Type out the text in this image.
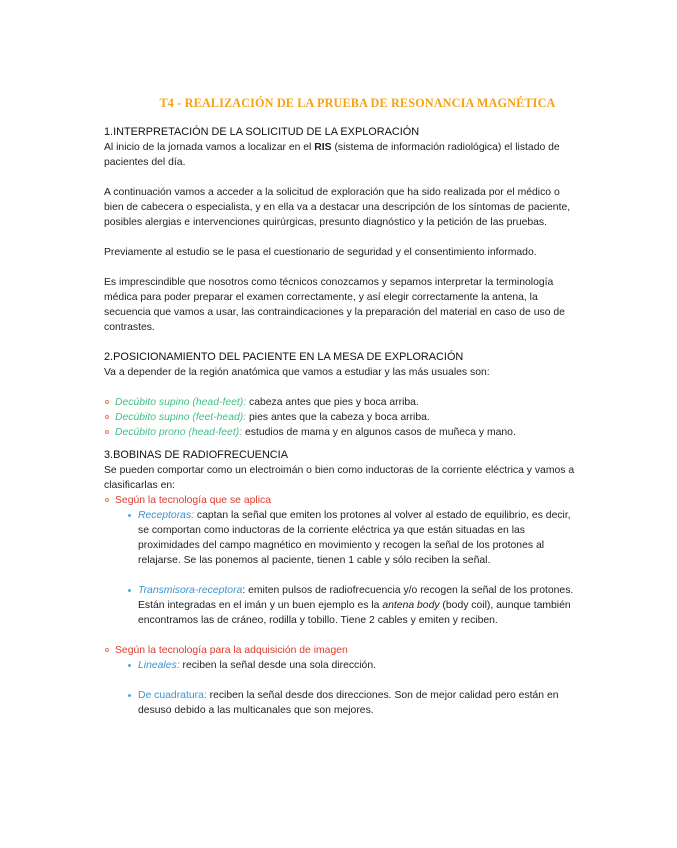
T4 - REALIZACIÓN DE LA PRUEBA DE RESONANCIA MAGNÉTICA
1.INTERPRETACIÓN DE LA SOLICITUD DE LA EXPLORACIÓN

Al inicio de la jornada vamos a localizar en el RIS (sistema de información radiológica) el listado de
pacientes del día.

A continuación vamos a acceder a la solicitud de exploración que ha sido realizada por el médico o
bien de cabecera o especialista, y en ella va a destacar una descripción de los síntomas de paciente,
posibles alergias e intervenciones quirúrgicas, presunto diagnóstico y la petición de las pruebas.

Previamente al estudio se le pasa el cuestionario de seguridad y el consentimiento informado.

Es imprescindible que nosotros como técnicos conozcamos y sepamos interpretar la terminología
médica para poder preparar el examen correctamente, y así elegir correctamente la antena, la
secuencia que vamos a usar, las contraindicaciones y la preparación del material en caso de uso de
contrastes.

2.POSICIONAMIENTO DEL PACIENTE EN LA MESA DE EXPLORACIÓN

Va a depender de la región anatómica que vamos a estudiar y las más usuales son:

Decúbito supino (head-feet): cabeza antes que pies y boca arriba.

Decúbito supino (feet-head): pies antes que la cabeza y boca arriba.

Decúbito prono (head-feet): estudios de mama y en algunos casos de muñeca y mano.

3.BOBINAS DE RADIOFRECUENCIA

Se pueden comportar como un electroimán o bien como inductoras de la corriente eléctrica y vamos a
clasificarlas en:

Según la tecnología que se aplica

Receptoras: captan la señal que emiten los protones al volver al estado de equilibrio, es decir,
se comportan como inductoras de la corriente eléctrica ya que están situadas en las
proximidades del campo magnético en movimiento y recogen la señal de los protones al
relajarse. Se las ponemos al paciente, tienen 1 cable y sólo reciben la señal.

Transmisora-receptora: emiten pulsos de radiofrecuencia y/o recogen la señal de los protones.
Están integradas en el imán y un buen ejemplo es la antena body (body coil), aunque también
encontramos las de cráneo, rodilla y tobillo. Tiene 2 cables y emiten y reciben.

Según la tecnología para la adquisición de imagen

Lineales: reciben la señal desde una sola dirección.

De cuadratura: reciben la señal desde dos direcciones. Son de mejor calidad pero están en
desuso debido a las multicanales que son mejores.
